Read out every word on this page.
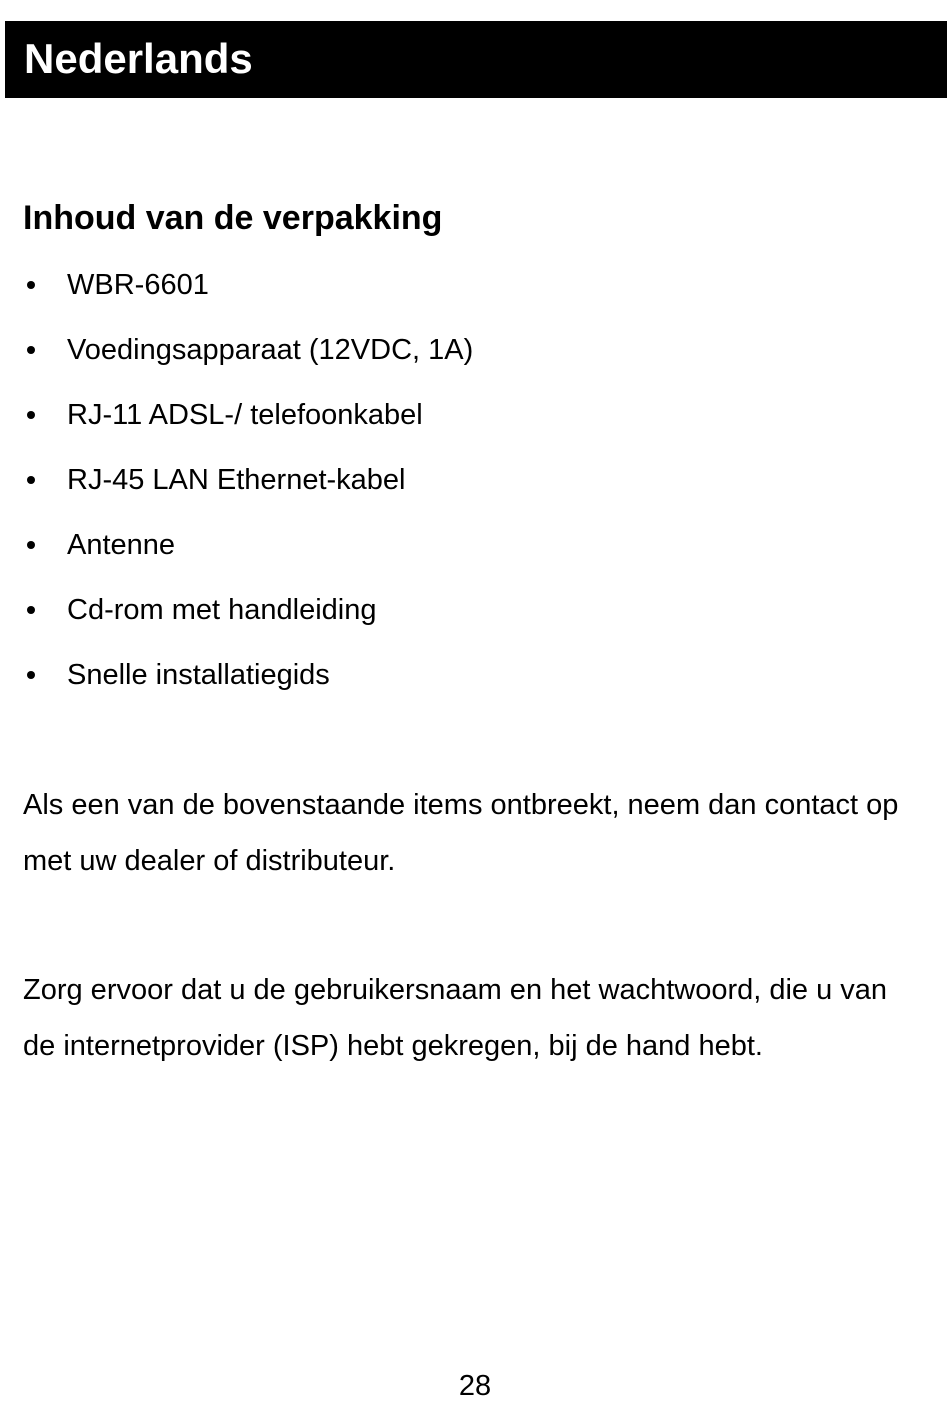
Nederlands
Inhoud van de verpakking
WBR-6601
Voedingsapparaat (12VDC, 1A)
RJ-11 ADSL-/ telefoonkabel
RJ-45 LAN Ethernet-kabel
Antenne
Cd-rom met handleiding
Snelle installatiegids

Als een van de bovenstaande items ontbreekt, neem dan contact op met uw dealer of distributeur.

Zorg ervoor dat u de gebruikersnaam en het wachtwoord, die u van de internetprovider (ISP) hebt gekregen, bij de hand hebt.

28
